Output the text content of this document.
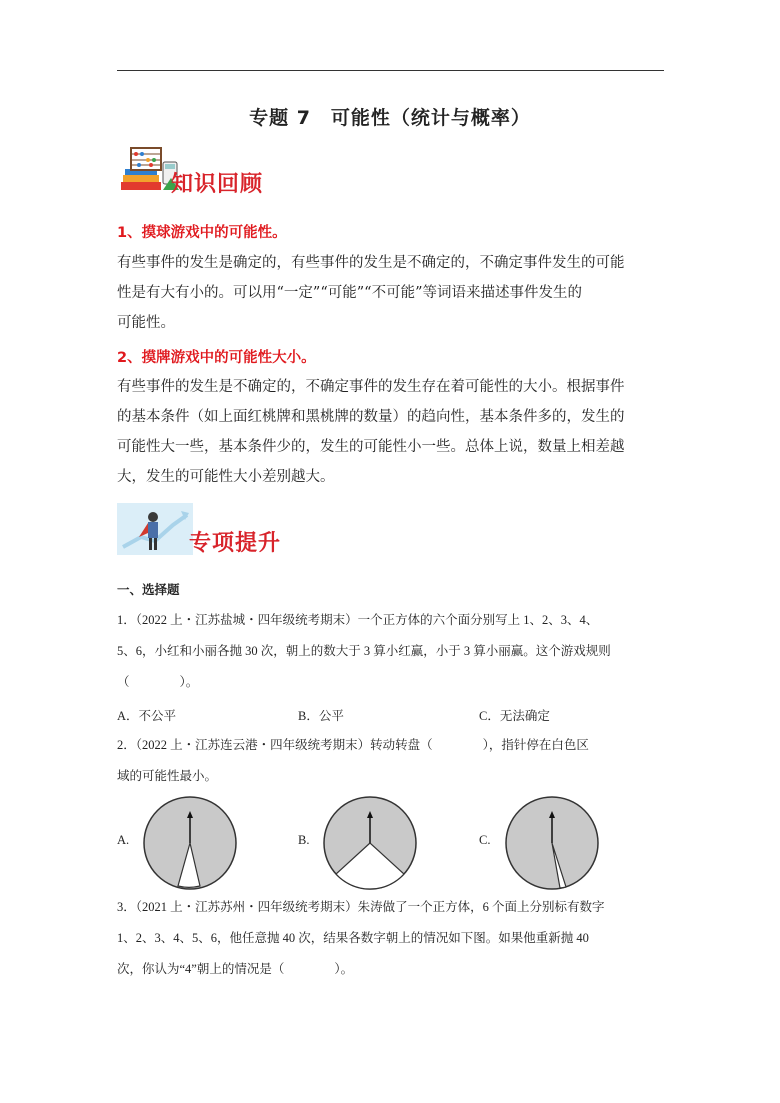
专题 7　可能性（统计与概率）
知识回顾
1、摸球游戏中的可能性。
有些事件的发生是确定的，有些事件的发生是不确定的，不确定事件发生的可能
性是有大有小的。可以用“一定”“可能”“不可能”等词语来描述事件发生的
可能性。
2、摸牌游戏中的可能性大小。
有些事件的发生是不确定的，不确定事件的发生存在着可能性的大小。根据事件
的基本条件（如上面红桃牌和黑桃牌的数量）的趋向性，基本条件多的，发生的
可能性大一些，基本条件少的，发生的可能性小一些。总体上说，数量上相差越
大，发生的可能性大小差别越大。
专项提升
一、选择题
1．（2022 上・江苏盐城・四年级统考期末）一个正方体的六个面分别写上 1、2、3、4、
5、6，小红和小丽各抛 30 次，朝上的数大于 3 算小红赢，小于 3 算小丽赢。这个游戏规则
（　　　　）。
A．不公平	B．公平	C．无法确定
2．（2022 上・江苏连云港・四年级统考期末）转动转盘（　　　　），指针停在白色区
域的可能性最小。
A.	B.	C.
3．（2021 上・江苏苏州・四年级统考期末）朱涛做了一个正方体，6 个面上分别标有数字
1、2、3、4、5、6，他任意抛 40 次，结果各数字朝上的情况如下图。如果他重新抛 40
次，你认为“4”朝上的情况是（　　　　）。
